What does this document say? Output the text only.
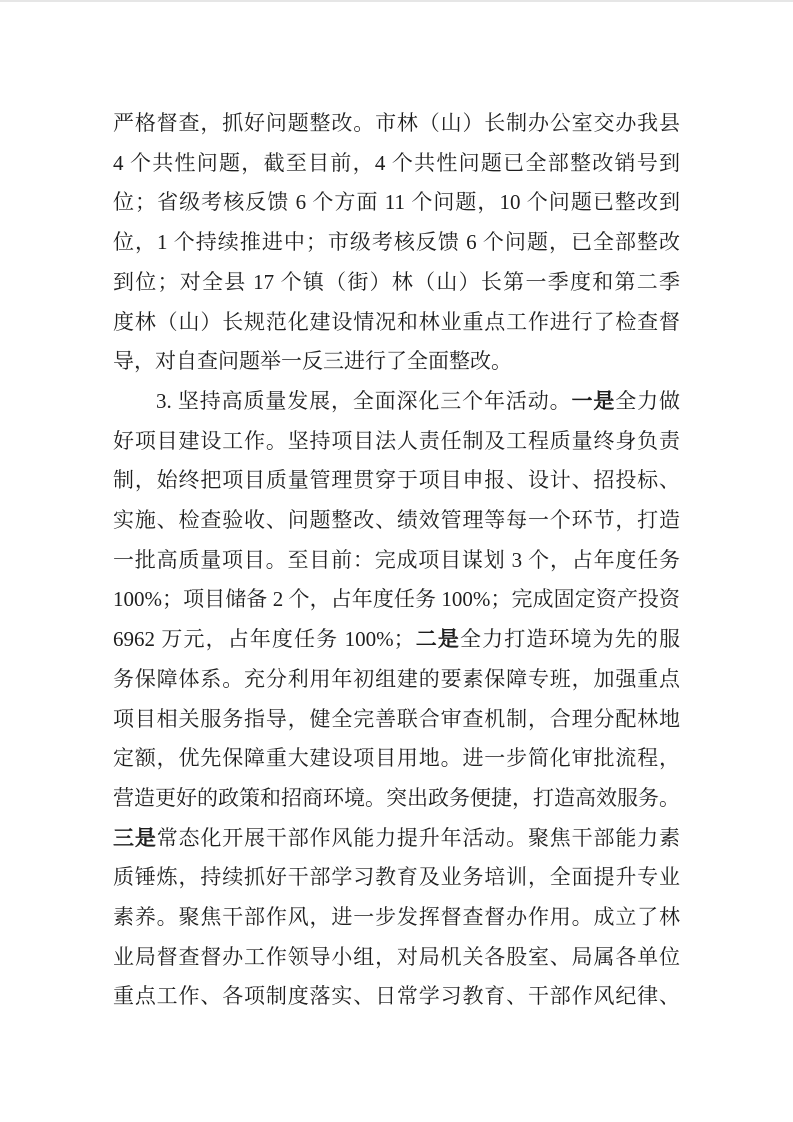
严格督查，抓好问题整改。市林（山）长制办公室交办我县
4 个共性问题，截至目前，4 个共性问题已全部整改销号到
位；省级考核反馈 6 个方面 11 个问题，10 个问题已整改到
位，1 个持续推进中；市级考核反馈 6 个问题，已全部整改
到位；对全县 17 个镇（街）林（山）长第一季度和第二季
度林（山）长规范化建设情况和林业重点工作进行了检查督
导，对自查问题举一反三进行了全面整改。
3. 坚持高质量发展，全面深化三个年活动。一是全力做
好项目建设工作。坚持项目法人责任制及工程质量终身负责
制，始终把项目质量管理贯穿于项目申报、设计、招投标、
实施、检查验收、问题整改、绩效管理等每一个环节，打造
一批高质量项目。至目前：完成项目谋划 3 个，占年度任务
100%；项目储备 2 个，占年度任务 100%；完成固定资产投资
6962 万元，占年度任务 100%；二是全力打造环境为先的服
务保障体系。充分利用年初组建的要素保障专班，加强重点
项目相关服务指导，健全完善联合审查机制，合理分配林地
定额，优先保障重大建设项目用地。进一步简化审批流程，
营造更好的政策和招商环境。突出政务便捷，打造高效服务。
三是常态化开展干部作风能力提升年活动。聚焦干部能力素
质锤炼，持续抓好干部学习教育及业务培训，全面提升专业
素养。聚焦干部作风，进一步发挥督查督办作用。成立了林
业局督查督办工作领导小组，对局机关各股室、局属各单位
重点工作、各项制度落实、日常学习教育、干部作风纪律、
